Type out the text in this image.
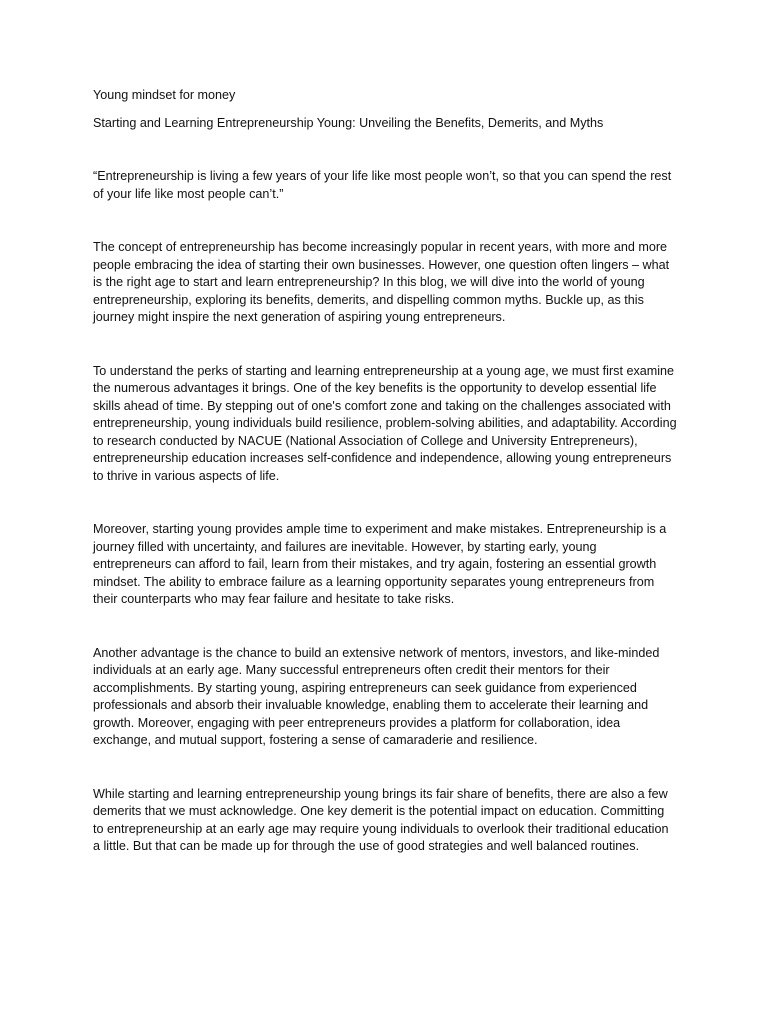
Young mindset for money

Starting and Learning Entrepreneurship Young: Unveiling the Benefits, Demerits, and Myths

“Entrepreneurship is living a few years of your life like most people won’t, so that you can spend the rest of your life like most people can’t.”

The concept of entrepreneurship has become increasingly popular in recent years, with more and more people embracing the idea of starting their own businesses. However, one question often lingers – what is the right age to start and learn entrepreneurship? In this blog, we will dive into the world of young entrepreneurship, exploring its benefits, demerits, and dispelling common myths. Buckle up, as this journey might inspire the next generation of aspiring young entrepreneurs.

To understand the perks of starting and learning entrepreneurship at a young age, we must first examine the numerous advantages it brings. One of the key benefits is the opportunity to develop essential life skills ahead of time. By stepping out of one's comfort zone and taking on the challenges associated with entrepreneurship, young individuals build resilience, problem-solving abilities, and adaptability. According to research conducted by NACUE (National Association of College and University Entrepreneurs), entrepreneurship education increases self-confidence and independence, allowing young entrepreneurs to thrive in various aspects of life.

Moreover, starting young provides ample time to experiment and make mistakes. Entrepreneurship is a journey filled with uncertainty, and failures are inevitable. However, by starting early, young entrepreneurs can afford to fail, learn from their mistakes, and try again, fostering an essential growth mindset. The ability to embrace failure as a learning opportunity separates young entrepreneurs from their counterparts who may fear failure and hesitate to take risks.

Another advantage is the chance to build an extensive network of mentors, investors, and like-minded individuals at an early age. Many successful entrepreneurs often credit their mentors for their accomplishments. By starting young, aspiring entrepreneurs can seek guidance from experienced professionals and absorb their invaluable knowledge, enabling them to accelerate their learning and growth. Moreover, engaging with peer entrepreneurs provides a platform for collaboration, idea exchange, and mutual support, fostering a sense of camaraderie and resilience.

While starting and learning entrepreneurship young brings its fair share of benefits, there are also a few demerits that we must acknowledge. One key demerit is the potential impact on education. Committing to entrepreneurship at an early age may require young individuals to overlook their traditional education a little. But that can be made up for through the use of good strategies and well balanced routines.
